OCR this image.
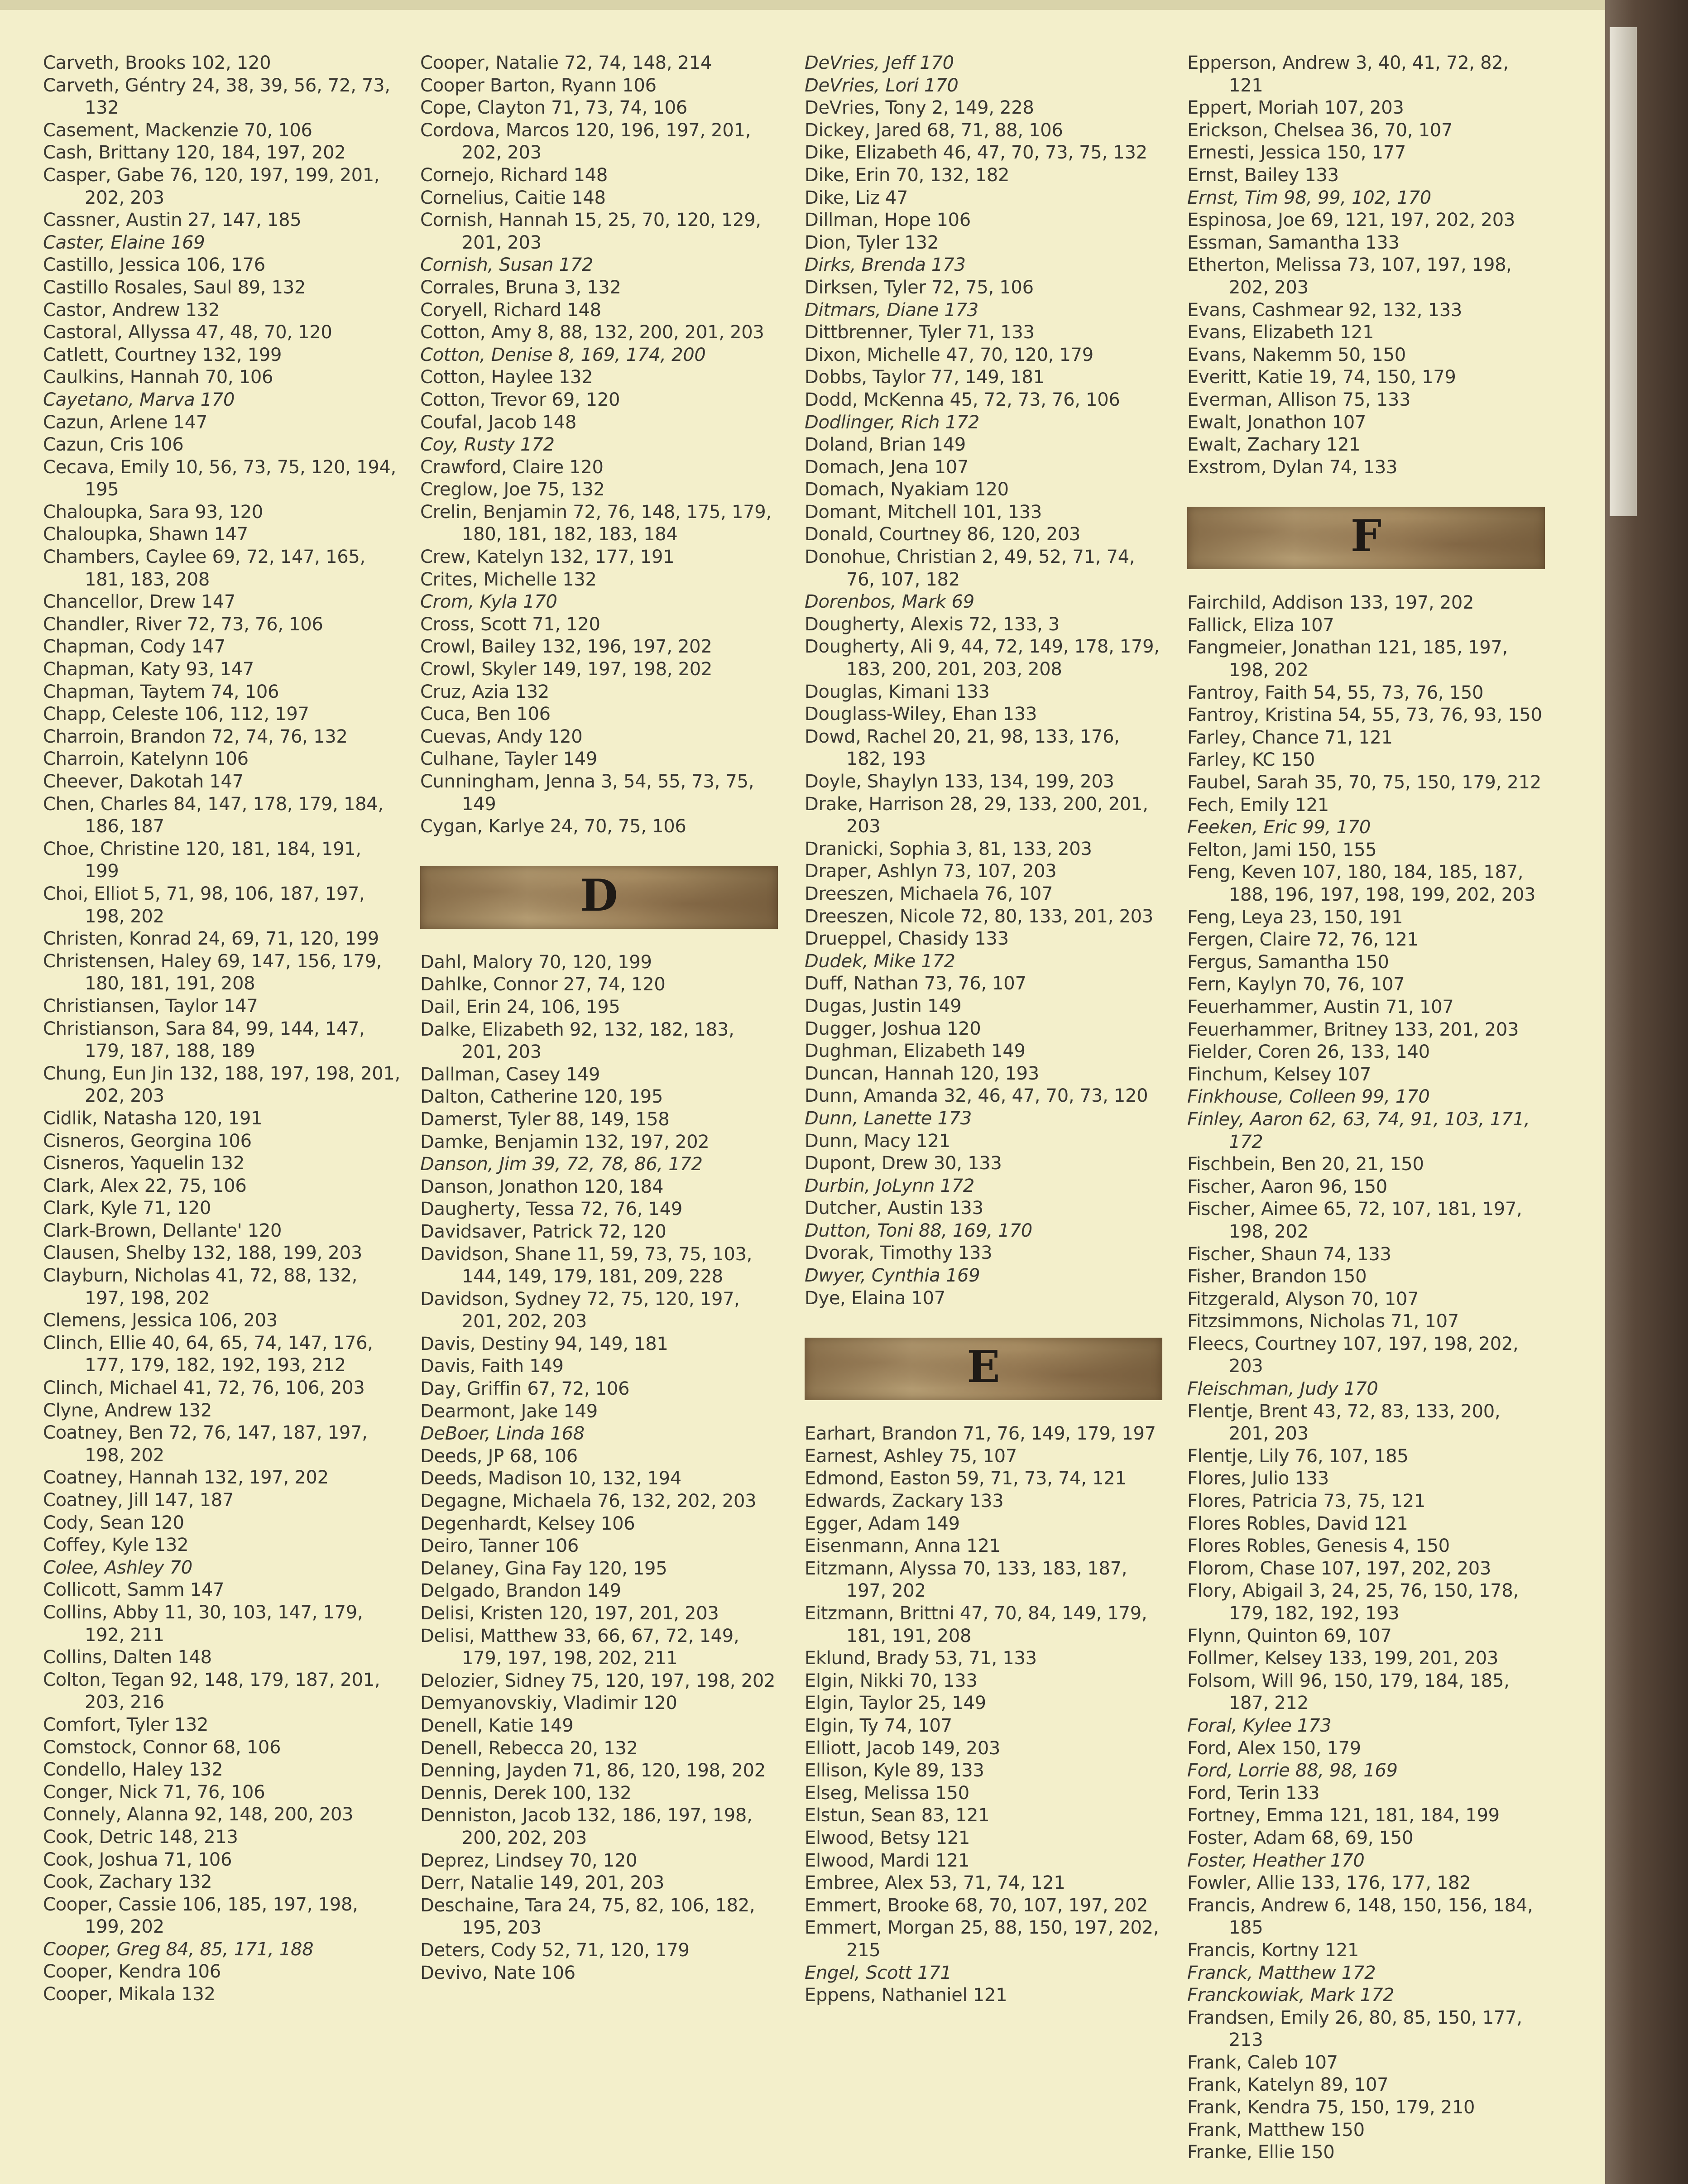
Carveth, Brooks 102, 120
Carveth, Géntry 24, 38, 39, 56, 72, 73, 132
Casement, Mackenzie 70, 106
Cash, Brittany 120, 184, 197, 202
Casper, Gabe 76, 120, 197, 199, 201, 202, 203
Cassner, Austin 27, 147, 185
Caster, Elaine 169
Castillo, Jessica 106, 176
Castillo Rosales, Saul 89, 132
Castor, Andrew 132
Castoral, Allyssa 47, 48, 70, 120
Catlett, Courtney 132, 199
Caulkins, Hannah 70, 106
Cayetano, Marva 170
Cazun, Arlene 147
Cazun, Cris 106
Cecava, Emily 10, 56, 73, 75, 120, 194, 195
Chaloupka, Sara 93, 120
Chaloupka, Shawn 147
Chambers, Caylee 69, 72, 147, 165, 181, 183, 208
Chancellor, Drew 147
Chandler, River 72, 73, 76, 106
Chapman, Cody 147
Chapman, Katy 93, 147
Chapman, Taytem 74, 106
Chapp, Celeste 106, 112, 197
Charroin, Brandon 72, 74, 76, 132
Charroin, Katelynn 106
Cheever, Dakotah 147
Chen, Charles 84, 147, 178, 179, 184, 186, 187
Choe, Christine 120, 181, 184, 191, 199
Choi, Elliot 5, 71, 98, 106, 187, 197, 198, 202
Christen, Konrad 24, 69, 71, 120, 199
Christensen, Haley 69, 147, 156, 179, 180, 181, 191, 208
Christiansen, Taylor 147
Christianson, Sara 84, 99, 144, 147, 179, 187, 188, 189
Chung, Eun Jin 132, 188, 197, 198, 201, 202, 203
Cidlik, Natasha 120, 191
Cisneros, Georgina 106
Cisneros, Yaquelin 132
Clark, Alex 22, 75, 106
Clark, Kyle 71, 120
Clark-Brown, Dellante' 120
Clausen, Shelby 132, 188, 199, 203
Clayburn, Nicholas 41, 72, 88, 132, 197, 198, 202
Clemens, Jessica 106, 203
Clinch, Ellie 40, 64, 65, 74, 147, 176, 177, 179, 182, 192, 193, 212
Clinch, Michael 41, 72, 76, 106, 203
Clyne, Andrew 132
Coatney, Ben 72, 76, 147, 187, 197, 198, 202
Coatney, Hannah 132, 197, 202
Coatney, Jill 147, 187
Cody, Sean 120
Coffey, Kyle 132
Colee, Ashley 70
Collicott, Samm 147
Collins, Abby 11, 30, 103, 147, 179, 192, 211
Collins, Dalten 148
Colton, Tegan 92, 148, 179, 187, 201, 203, 216
Comfort, Tyler 132
Comstock, Connor 68, 106
Condello, Haley 132
Conger, Nick 71, 76, 106
Connely, Alanna 92, 148, 200, 203
Cook, Detric 148, 213
Cook, Joshua 71, 106
Cook, Zachary 132
Cooper, Cassie 106, 185, 197, 198, 199, 202
Cooper, Greg 84, 85, 171, 188
Cooper, Kendra 106
Cooper, Mikala 132
Cooper, Natalie 72, 74, 148, 214
Cooper Barton, Ryann 106
Cope, Clayton 71, 73, 74, 106
Cordova, Marcos 120, 196, 197, 201, 202, 203
Cornejo, Richard 148
Cornelius, Caitie 148
Cornish, Hannah 15, 25, 70, 120, 129, 201, 203
Cornish, Susan 172
Corrales, Bruna 3, 132
Coryell, Richard 148
Cotton, Amy 8, 88, 132, 200, 201, 203
Cotton, Denise 8, 169, 174, 200
Cotton, Haylee 132
Cotton, Trevor 69, 120
Coufal, Jacob 148
Coy, Rusty 172
Crawford, Claire 120
Creglow, Joe 75, 132
Crelin, Benjamin 72, 76, 148, 175, 179, 180, 181, 182, 183, 184
Crew, Katelyn 132, 177, 191
Crites, Michelle 132
Crom, Kyla 170
Cross, Scott 71, 120
Crowl, Bailey 132, 196, 197, 202
Crowl, Skyler 149, 197, 198, 202
Cruz, Azia 132
Cuca, Ben 106
Cuevas, Andy 120
Culhane, Tayler 149
Cunningham, Jenna 3, 54, 55, 73, 75, 149
Cygan, Karlye 24, 70, 75, 106
D
Dahl, Malory 70, 120, 199
Dahlke, Connor 27, 74, 120
Dail, Erin 24, 106, 195
Dalke, Elizabeth 92, 132, 182, 183, 201, 203
Dallman, Casey 149
Dalton, Catherine 120, 195
Damerst, Tyler 88, 149, 158
Damke, Benjamin 132, 197, 202
Danson, Jim 39, 72, 78, 86, 172
Danson, Jonathon 120, 184
Daugherty, Tessa 72, 76, 149
Davidsaver, Patrick 72, 120
Davidson, Shane 11, 59, 73, 75, 103, 144, 149, 179, 181, 209, 228
Davidson, Sydney 72, 75, 120, 197, 201, 202, 203
Davis, Destiny 94, 149, 181
Davis, Faith 149
Day, Griffin 67, 72, 106
Dearmont, Jake 149
DeBoer, Linda 168
Deeds, JP 68, 106
Deeds, Madison 10, 132, 194
Degagne, Michaela 76, 132, 202, 203
Degenhardt, Kelsey 106
Deiro, Tanner 106
Delaney, Gina Fay 120, 195
Delgado, Brandon 149
Delisi, Kristen 120, 197, 201, 203
Delisi, Matthew 33, 66, 67, 72, 149, 179, 197, 198, 202, 211
Delozier, Sidney 75, 120, 197, 198, 202
Demyanovskiy, Vladimir 120
Denell, Katie 149
Denell, Rebecca 20, 132
Denning, Jayden 71, 86, 120, 198, 202
Dennis, Derek 100, 132
Denniston, Jacob 132, 186, 197, 198, 200, 202, 203
Deprez, Lindsey 70, 120
Derr, Natalie 149, 201, 203
Deschaine, Tara 24, 75, 82, 106, 182, 195, 203
Deters, Cody 52, 71, 120, 179
Devivo, Nate 106
DeVries, Jeff 170
DeVries, Lori 170
DeVries, Tony 2, 149, 228
Dickey, Jared 68, 71, 88, 106
Dike, Elizabeth 46, 47, 70, 73, 75, 132
Dike, Erin 70, 132, 182
Dike, Liz 47
Dillman, Hope 106
Dion, Tyler 132
Dirks, Brenda 173
Dirksen, Tyler 72, 75, 106
Ditmars, Diane 173
Dittbrenner, Tyler 71, 133
Dixon, Michelle 47, 70, 120, 179
Dobbs, Taylor 77, 149, 181
Dodd, McKenna 45, 72, 73, 76, 106
Dodlinger, Rich 172
Doland, Brian 149
Domach, Jena 107
Domach, Nyakiam 120
Domant, Mitchell 101, 133
Donald, Courtney 86, 120, 203
Donohue, Christian 2, 49, 52, 71, 74, 76, 107, 182
Dorenbos, Mark 69
Dougherty, Alexis 72, 133, 3
Dougherty, Ali 9, 44, 72, 149, 178, 179, 183, 200, 201, 203, 208
Douglas, Kimani 133
Douglass-Wiley, Ehan 133
Dowd, Rachel 20, 21, 98, 133, 176, 182, 193
Doyle, Shaylyn 133, 134, 199, 203
Drake, Harrison 28, 29, 133, 200, 201, 203
Dranicki, Sophia 3, 81, 133, 203
Draper, Ashlyn 73, 107, 203
Dreeszen, Michaela 76, 107
Dreeszen, Nicole 72, 80, 133, 201, 203
Drueppel, Chasidy 133
Dudek, Mike 172
Duff, Nathan 73, 76, 107
Dugas, Justin 149
Dugger, Joshua 120
Dughman, Elizabeth 149
Duncan, Hannah 120, 193
Dunn, Amanda 32, 46, 47, 70, 73, 120
Dunn, Lanette 173
Dunn, Macy 121
Dupont, Drew 30, 133
Durbin, JoLynn 172
Dutcher, Austin 133
Dutton, Toni 88, 169, 170
Dvorak, Timothy 133
Dwyer, Cynthia 169
Dye, Elaina 107
E
Earhart, Brandon 71, 76, 149, 179, 197
Earnest, Ashley 75, 107
Edmond, Easton 59, 71, 73, 74, 121
Edwards, Zackary 133
Egger, Adam 149
Eisenmann, Anna 121
Eitzmann, Alyssa 70, 133, 183, 187, 197, 202
Eitzmann, Brittni 47, 70, 84, 149, 179, 181, 191, 208
Eklund, Brady 53, 71, 133
Elgin, Nikki 70, 133
Elgin, Taylor 25, 149
Elgin, Ty 74, 107
Elliott, Jacob 149, 203
Ellison, Kyle 89, 133
Elseg, Melissa 150
Elstun, Sean 83, 121
Elwood, Betsy 121
Elwood, Mardi 121
Embree, Alex 53, 71, 74, 121
Emmert, Brooke 68, 70, 107, 197, 202
Emmert, Morgan 25, 88, 150, 197, 202, 215
Engel, Scott 171
Eppens, Nathaniel 121
Epperson, Andrew 3, 40, 41, 72, 82, 121
Eppert, Moriah 107, 203
Erickson, Chelsea 36, 70, 107
Ernesti, Jessica 150, 177
Ernst, Bailey 133
Ernst, Tim 98, 99, 102, 170
Espinosa, Joe 69, 121, 197, 202, 203
Essman, Samantha 133
Etherton, Melissa 73, 107, 197, 198, 202, 203
Evans, Cashmear 92, 132, 133
Evans, Elizabeth 121
Evans, Nakemm 50, 150
Everitt, Katie 19, 74, 150, 179
Everman, Allison 75, 133
Ewalt, Jonathon 107
Ewalt, Zachary 121
Exstrom, Dylan 74, 133
F
Fairchild, Addison 133, 197, 202
Fallick, Eliza 107
Fangmeier, Jonathan 121, 185, 197, 198, 202
Fantroy, Faith 54, 55, 73, 76, 150
Fantroy, Kristina 54, 55, 73, 76, 93, 150
Farley, Chance 71, 121
Farley, KC 150
Faubel, Sarah 35, 70, 75, 150, 179, 212
Fech, Emily 121
Feeken, Eric 99, 170
Felton, Jami 150, 155
Feng, Keven 107, 180, 184, 185, 187, 188, 196, 197, 198, 199, 202, 203
Feng, Leya 23, 150, 191
Fergen, Claire 72, 76, 121
Fergus, Samantha 150
Fern, Kaylyn 70, 76, 107
Feuerhammer, Austin 71, 107
Feuerhammer, Britney 133, 201, 203
Fielder, Coren 26, 133, 140
Finchum, Kelsey 107
Finkhouse, Colleen 99, 170
Finley, Aaron 62, 63, 74, 91, 103, 171, 172
Fischbein, Ben 20, 21, 150
Fischer, Aaron 96, 150
Fischer, Aimee 65, 72, 107, 181, 197, 198, 202
Fischer, Shaun 74, 133
Fisher, Brandon 150
Fitzgerald, Alyson 70, 107
Fitzsimmons, Nicholas 71, 107
Fleecs, Courtney 107, 197, 198, 202, 203
Fleischman, Judy 170
Flentje, Brent 43, 72, 83, 133, 200, 201, 203
Flentje, Lily 76, 107, 185
Flores, Julio 133
Flores, Patricia 73, 75, 121
Flores Robles, David 121
Flores Robles, Genesis 4, 150
Florom, Chase 107, 197, 202, 203
Flory, Abigail 3, 24, 25, 76, 150, 178, 179, 182, 192, 193
Flynn, Quinton 69, 107
Follmer, Kelsey 133, 199, 201, 203
Folsom, Will 96, 150, 179, 184, 185, 187, 212
Foral, Kylee 173
Ford, Alex 150, 179
Ford, Lorrie 88, 98, 169
Ford, Terin 133
Fortney, Emma 121, 181, 184, 199
Foster, Adam 68, 69, 150
Foster, Heather 170
Fowler, Allie 133, 176, 177, 182
Francis, Andrew 6, 148, 150, 156, 184, 185
Francis, Kortny 121
Franck, Matthew 172
Franckowiak, Mark 172
Frandsen, Emily 26, 80, 85, 150, 177, 213
Frank, Caleb 107
Frank, Katelyn 89, 107
Frank, Kendra 75, 150, 179, 210
Frank, Matthew 150
Franke, Ellie 150
